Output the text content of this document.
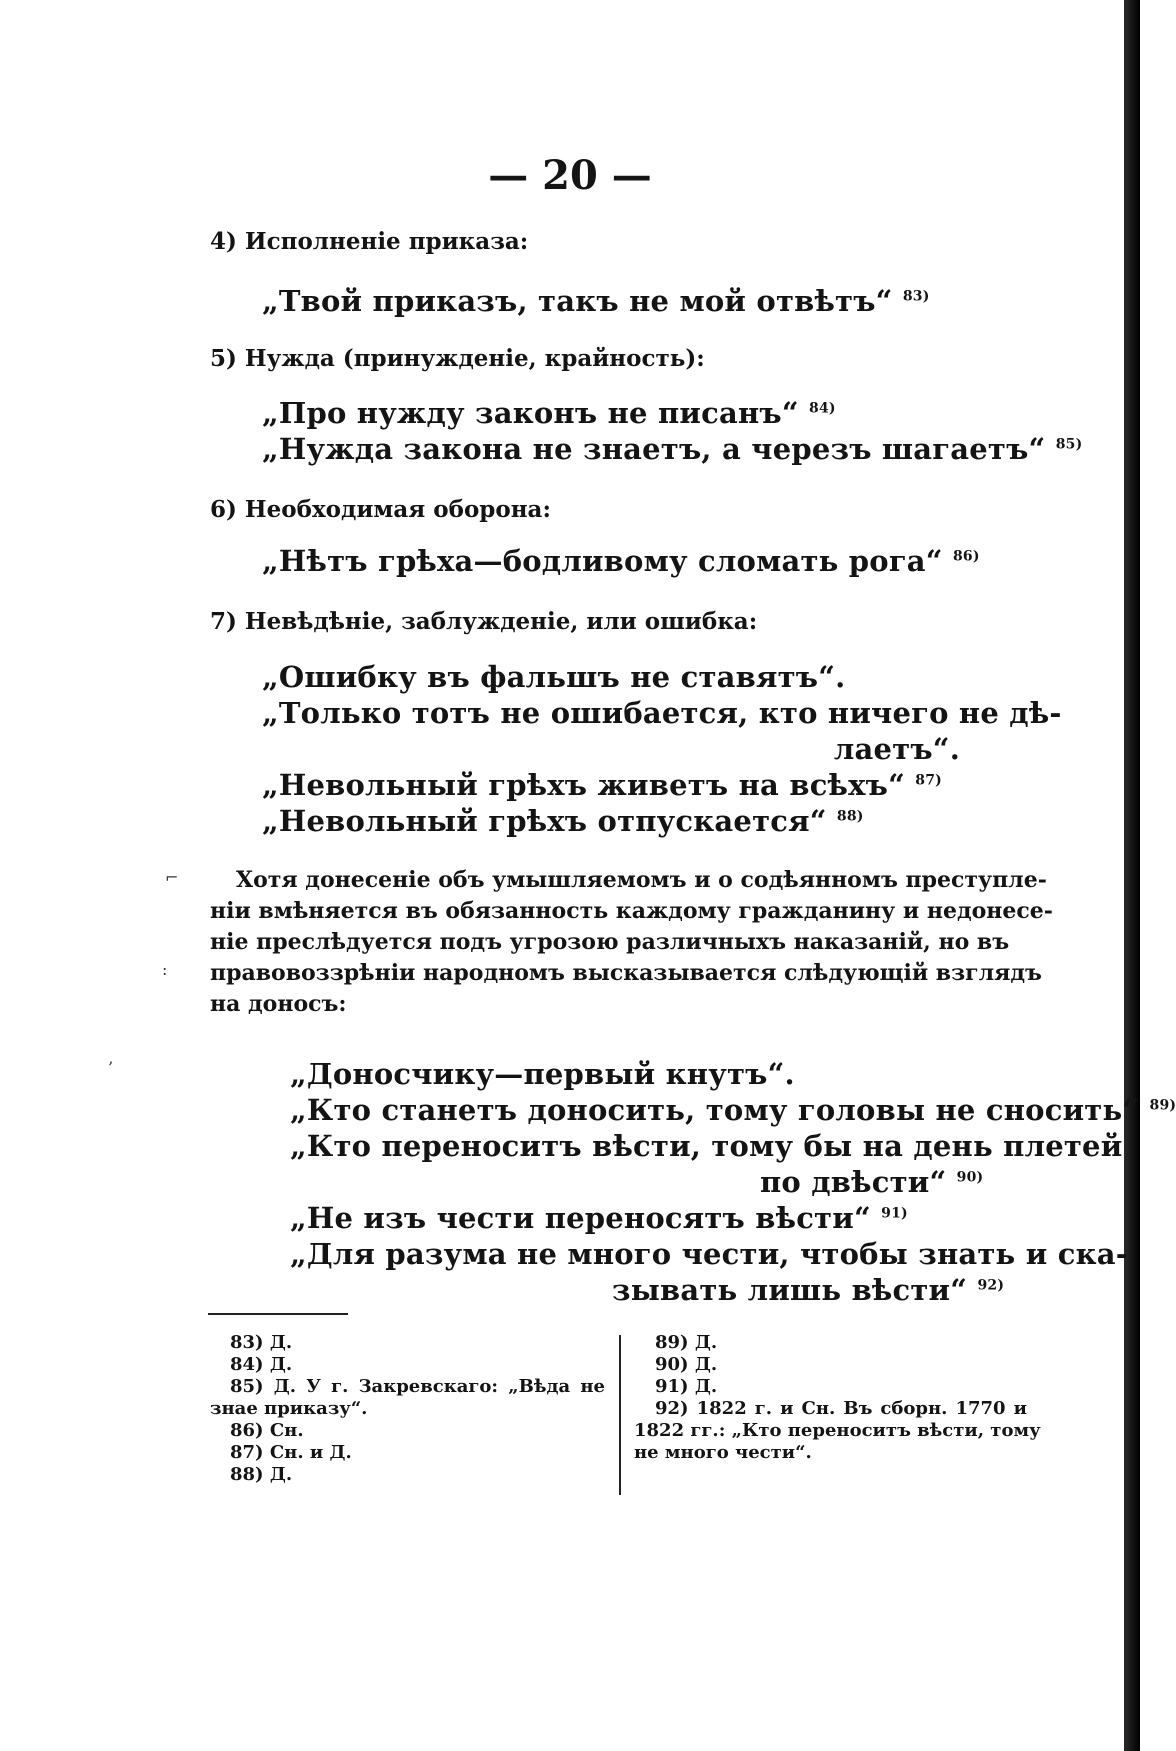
— 20 —
4) Исполненіе приказа:
„Твой приказъ, такъ не мой отвѣтъ“ $^{83)}$
5) Нужда (принужденіе, крайность):
„Про нужду законъ не писанъ“ $^{84)}$
„Нужда закона не знаетъ, а черезъ шагаетъ“ $^{85)}$
6) Необходимая оборона:
„Нѣтъ грѣха—бодливому сломать рога“ $^{86)}$
7) Невѣдѣніе, заблужденіе, или ошибка:
„Ошибку въ фальшъ не ставятъ“.
„Только тотъ не ошибается, кто ничего не дѣ-
лаетъ“.
„Невольный грѣхъ живетъ на всѣхъ“ $^{87)}$
„Невольный грѣхъ отпускается“ $^{88)}$
Хотя донесеніе объ умышляемомъ и о содѣянномъ преступле-
ніи вмѣняется въ обязанность каждому гражданину и недонесе-
ніе преслѣдуется подъ угрозою различныхъ наказаній, но въ
правовоззрѣніи народномъ высказывается слѣдующій взглядъ
на доносъ:
„Доносчику—первый кнутъ“.
„Кто станетъ доносить, тому головы не сносить“ $^{89)}$
„Кто переноситъ вѣсти, тому бы на день плетей
по двѣсти“ $^{90)}$
„Не изъ чести переносятъ вѣсти“ $^{91)}$
„Для разума не много чести, чтобы знать и ска-
зывать лишь вѣсти“ $^{92)}$
83) Д.
84) Д.
85) Д. У г. Закревскаго: „Вѣда не
знае приказу“.
86) Сн.
87) Сн. и Д.
88) Д.
89) Д.
90) Д.
91) Д.
92) 1822 г. и Сн. Въ сборн. 1770 и
1822 гг.: „Кто переноситъ вѣсти, тому
не много чести“.
⌐
:
’
